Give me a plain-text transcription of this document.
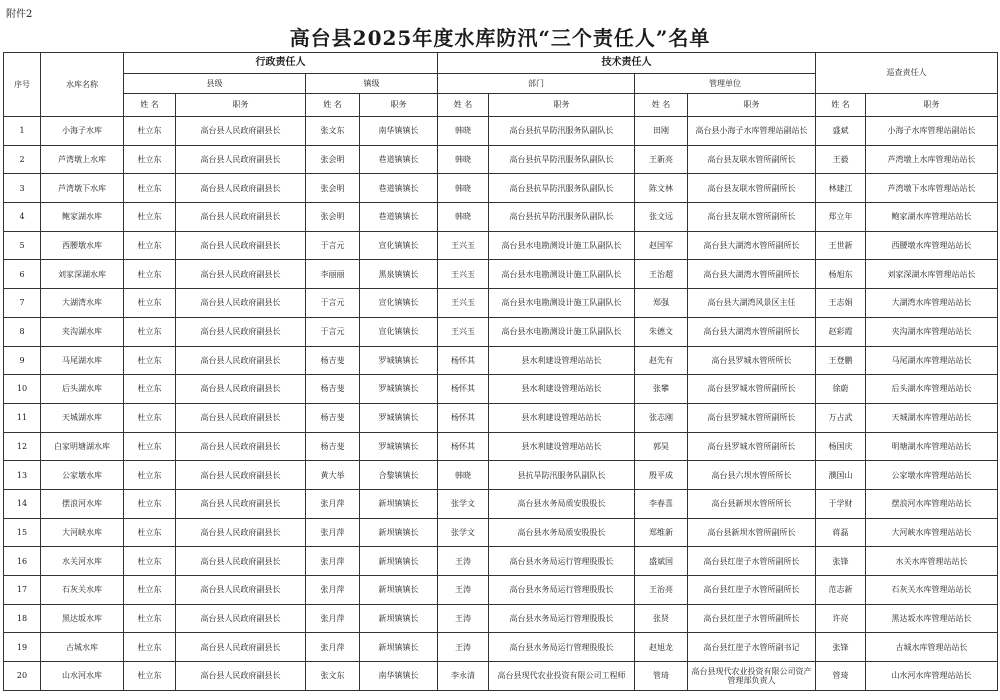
附件2
高台县2025年度水库防汛“三个责任人”名单
序号	水库名称	行政责任人				技术责任人				巡查责任人	
		县级		镇级		部门		管理单位			
		姓 名	职务	姓 名	职务	姓 名	职务	姓 名	职务	姓 名	职务
1	小海子水库	杜立东	高台县人民政府副县长	张文东	南华镇镇长	韩晓	高台县抗旱防汛服务队副队长	田刚	高台县小海子水库管理站副站长	盛斌	小海子水库管理站副站长
2	芦湾墩上水库	杜立东	高台县人民政府副县长	张会明	巷道镇镇长	韩晓	高台县抗旱防汛服务队副队长	王新亮	高台县友联水管所副所长	王毅	芦湾墩上水库管理站站长
3	芦湾墩下水库	杜立东	高台县人民政府副县长	张会明	巷道镇镇长	韩晓	高台县抗旱防汛服务队副队长	陈文林	高台县友联水管所副所长	林建江	芦湾墩下水库管理站站长
4	鲍家湖水库	杜立东	高台县人民政府副县长	张会明	巷道镇镇长	韩晓	高台县抗旱防汛服务队副队长	张文远	高台县友联水管所副所长	郑立年	鲍家湖水库管理站站长
5	西腰墩水库	杜立东	高台县人民政府副县长	于言元	宣化镇镇长	王兴玉	高台县水电勘测设计施工队副队长	赵国军	高台县大湖湾水管所副所长	王世新	西腰墩水库管理站站长
6	刘家深湖水库	杜立东	高台县人民政府副县长	李丽丽	黑泉镇镇长	王兴玉	高台县水电勘测设计施工队副队长	王治超	高台县大湖湾水管所副所长	杨旭东	刘家深湖水库管理站站长
7	大湖湾水库	杜立东	高台县人民政府副县长	于言元	宣化镇镇长	王兴玉	高台县水电勘测设计施工队副队长	郑强	高台县大湖湾风景区主任	王志娟	大湖湾水库管理站站长
8	夹沟湖水库	杜立东	高台县人民政府副县长	于言元	宣化镇镇长	王兴玉	高台县水电勘测设计施工队副队长	朱德文	高台县大湖湾水管所副所长	赵彩霞	夹沟湖水库管理站站长
9	马尾湖水库	杜立东	高台县人民政府副县长	杨吉斐	罗城镇镇长	杨怀其	县水利建设管理站站长	赵先有	高台县罗城水管所所长	王登鹏	马尾湖水库管理站站长
10	后头湖水库	杜立东	高台县人民政府副县长	杨吉斐	罗城镇镇长	杨怀其	县水利建设管理站站长	张攀	高台县罗城水管所副所长	徐蔚	后头湖水库管理站站长
11	天城湖水库	杜立东	高台县人民政府副县长	杨吉斐	罗城镇镇长	杨怀其	县水利建设管理站站长	张志刚	高台县罗城水管所副所长	万占武	天城湖水库管理站站长
12	白家明塘湖水库	杜立东	高台县人民政府副县长	杨吉斐	罗城镇镇长	杨怀其	县水利建设管理站站长	郭昊	高台县罗城水管所副所长	杨国庆	明塘湖水库管理站站长
13	公家墩水库	杜立东	高台县人民政府副县长	黄大举	合黎镇镇长	韩晓	县抗旱防汛服务队副队长	殷平成	高台县六坝水管所所长	濮国山	公家墩水库管理站站长
14	摆浪河水库	杜立东	高台县人民政府副县长	张月萍	新坝镇镇长	张学文	高台县水务局质安股股长	李春喜	高台县新坝水管所所长	于学财	摆浪河水库管理站站长
15	大河峡水库	杜立东	高台县人民政府副县长	张月萍	新坝镇镇长	张学文	高台县水务局质安股股长	郑维新	高台县新坝水管所副所长	蒋磊	大河峡水库管理站站长
16	水关河水库	杜立东	高台县人民政府副县长	张月萍	新坝镇镇长	王涛	高台县水务局运行管理股股长	盛斌国	高台县红崖子水管所副所长	张锋	水关水库管理站站长
17	石灰关水库	杜立东	高台县人民政府副县长	张月萍	新坝镇镇长	王涛	高台县水务局运行管理股股长	王治亮	高台县红崖子水管所副所长	范志新	石灰关水库管理站站长
18	黑达坂水库	杜立东	高台县人民政府副县长	张月萍	新坝镇镇长	王涛	高台县水务局运行管理股股长	张贤	高台县红崖子水管所副所长	许亮	黑达坂水库管理站站长
19	古城水库	杜立东	高台县人民政府副县长	张月萍	新坝镇镇长	王涛	高台县水务局运行管理股股长	赵旭龙	高台县红崖子水管所副书记	张锋	古城水库管理站站长
20	山水河水库	杜立东	高台县人民政府副县长	张文东	南华镇镇长	李永清	高台县现代农业投资有限公司工程师	管琦	高台县现代农业投资有限公司资产管理部负责人	管琦	山水河水库管理站站长
